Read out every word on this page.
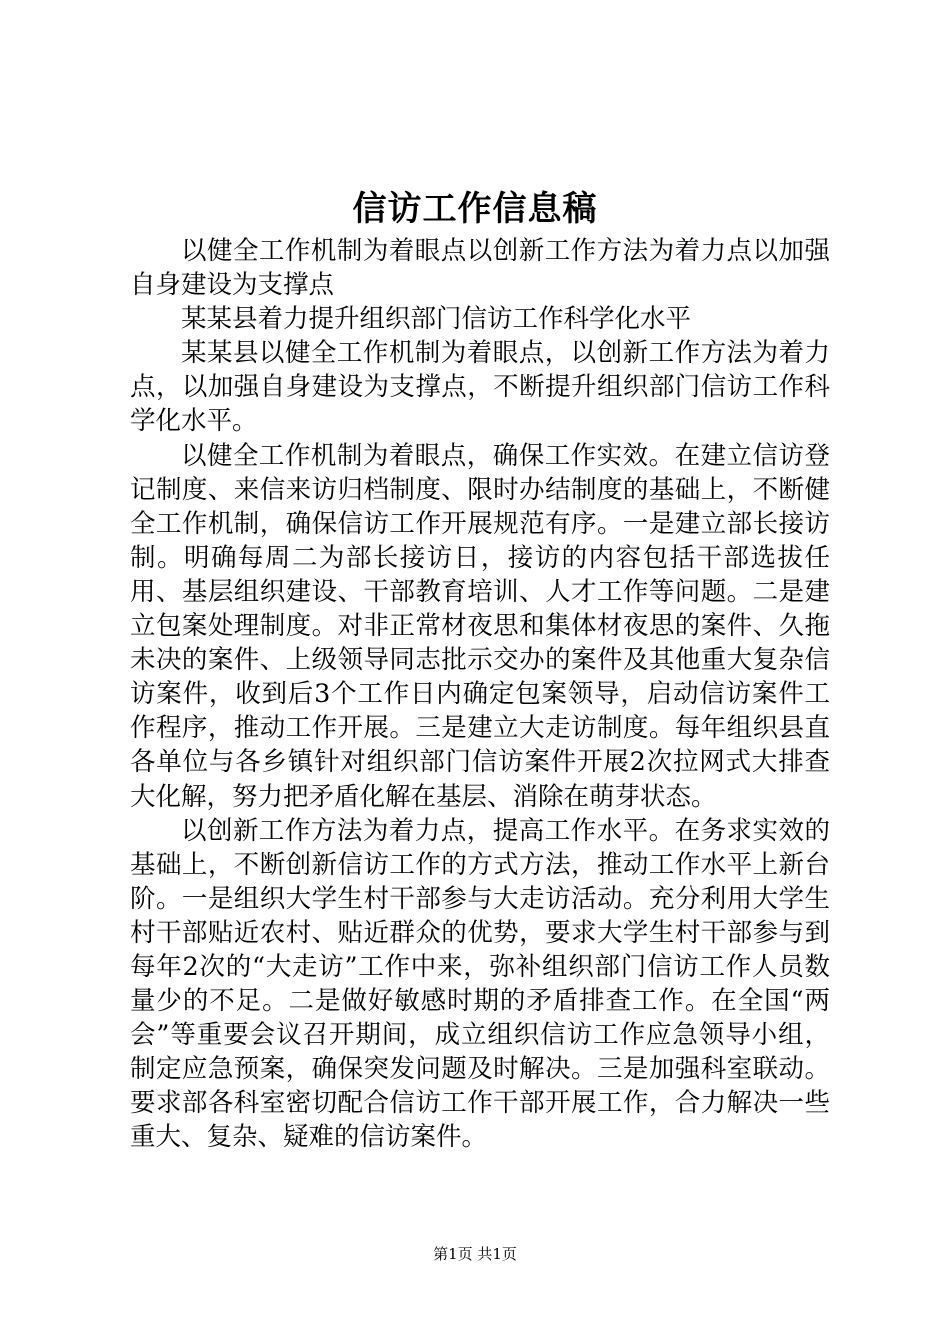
信访工作信息稿

以健全工作机制为着眼点以创新工作方法为着力点以加强自身建设为支撑点

某某县着力提升组织部门信访工作科学化水平

某某县以健全工作机制为着眼点，以创新工作方法为着力点，以加强自身建设为支撑点，不断提升组织部门信访工作科学化水平。

以健全工作机制为着眼点，确保工作实效。在建立信访登记制度、来信来访归档制度、限时办结制度的基础上，不断健全工作机制，确保信访工作开展规范有序。一是建立部长接访制。明确每周二为部长接访日，接访的内容包括干部选拔任用、基层组织建设、干部教育培训、人才工作等问题。二是建立包案处理制度。对非正常材夜思和集体材夜思的案件、久拖未决的案件、上级领导同志批示交办的案件及其他重大复杂信访案件，收到后3个工作日内确定包案领导，启动信访案件工作程序，推动工作开展。三是建立大走访制度。每年组织县直各单位与各乡镇针对组织部门信访案件开展2次拉网式大排查大化解，努力把矛盾化解在基层、消除在萌芽状态。

以创新工作方法为着力点，提高工作水平。在务求实效的基础上，不断创新信访工作的方式方法，推动工作水平上新台阶。一是组织大学生村干部参与大走访活动。充分利用大学生村干部贴近农村、贴近群众的优势，要求大学生村干部参与到每年2次的“大走访”工作中来，弥补组织部门信访工作人员数量少的不足。二是做好敏感时期的矛盾排查工作。在全国“两会”等重要会议召开期间，成立组织信访工作应急领导小组，制定应急预案，确保突发问题及时解决。三是加强科室联动。要求部各科室密切配合信访工作干部开展工作，合力解决一些重大、复杂、疑难的信访案件。

第1页 共1页
